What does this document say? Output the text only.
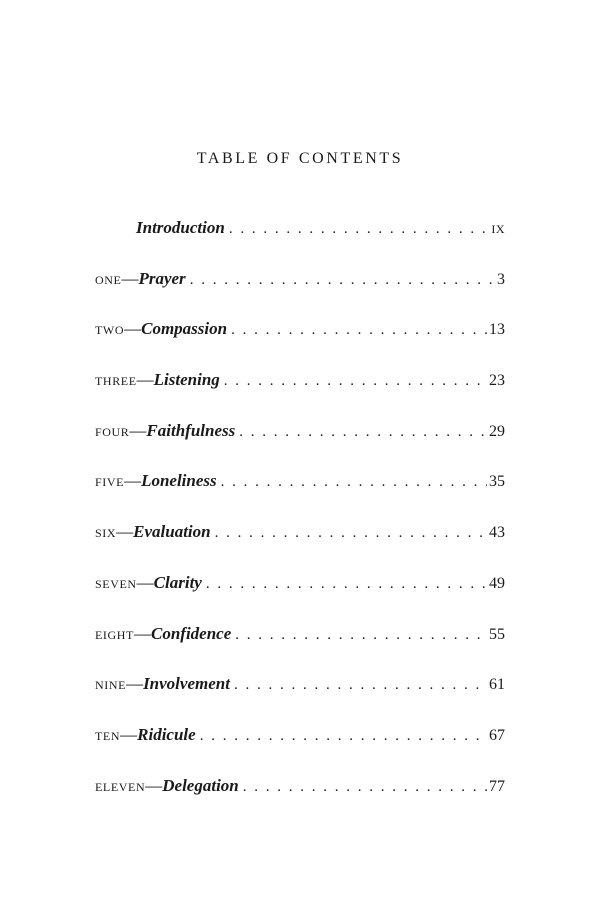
TABLE OF CONTENTS
Introduction . . .	IX
ONE — Prayer . . .	3
TWO — Compassion . . .	13
THREE — Listening . . .	23
FOUR — Faithfulness . . .	29
FIVE — Loneliness . . .	35
SIX — Evaluation . . .	43
SEVEN — Clarity . . .	49
EIGHT — Confidence . . .	55
NINE — Involvement . . .	61
TEN — Ridicule . . .	67
ELEVEN — Delegation . . .	77
